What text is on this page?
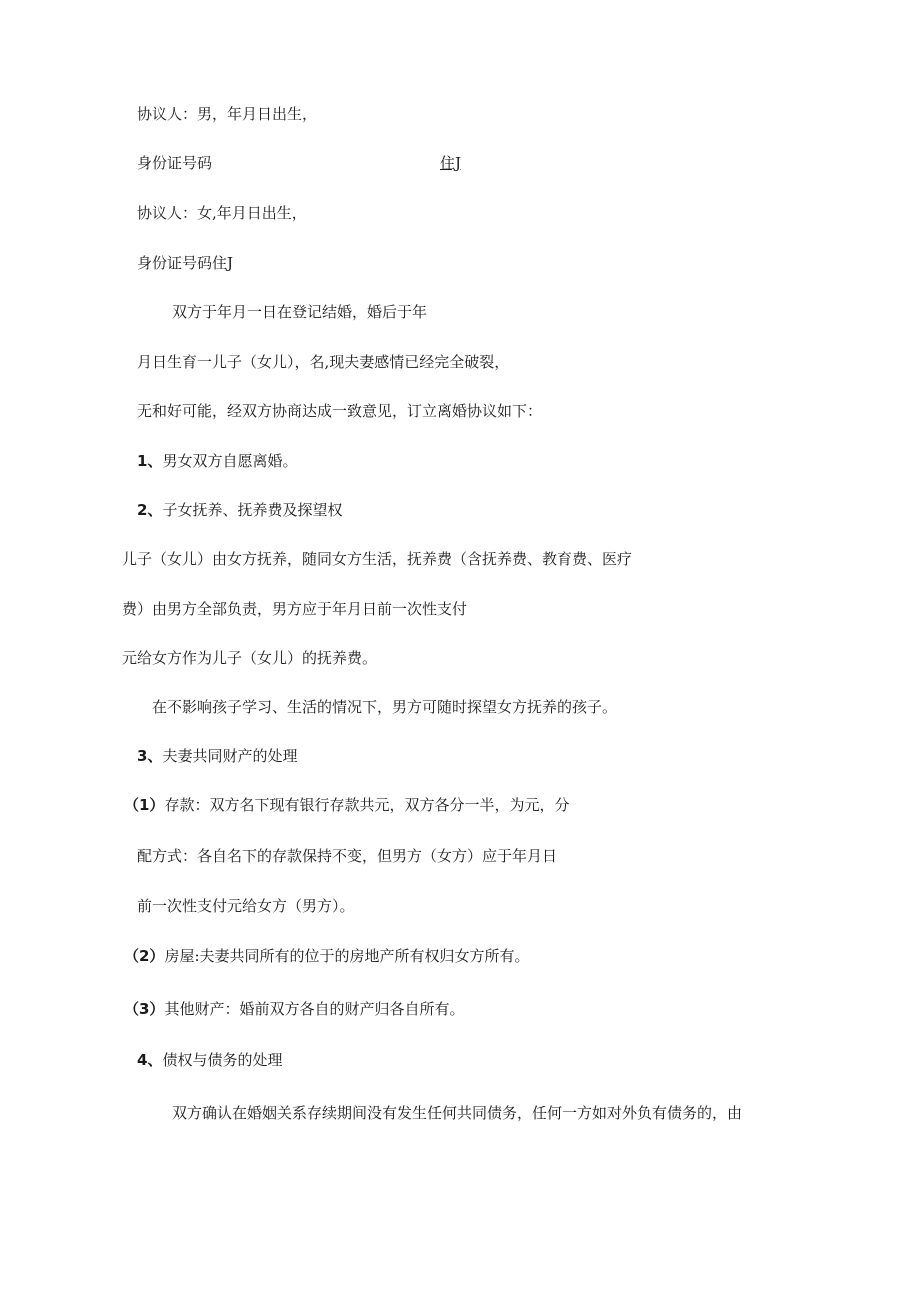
协议人：男，年月日出生，
身份证号码	住J
协议人：女,年月日出生，
身份证号码住J
双方于年月一日在登记结婚，婚后于年
月日生育一儿子（女儿），名,现夫妻感情已经完全破裂，
无和好可能，经双方协商达成一致意见，订立离婚协议如下：
1、男女双方自愿离婚。
2、子女抚养、抚养费及探望权
儿子（女儿）由女方抚养，随同女方生活，抚养费（含抚养费、教育费、医疗
费）由男方全部负责，男方应于年月日前一次性支付
元给女方作为儿子（女儿）的抚养费。
在不影响孩子学习、生活的情况下，男方可随时探望女方抚养的孩子。
3、夫妻共同财产的处理
（1）存款：双方名下现有银行存款共元，双方各分一半，为元，分
配方式：各自名下的存款保持不变，但男方（女方）应于年月日
前一次性支付元给女方（男方）。
（2）房屋:夫妻共同所有的位于的房地产所有权归女方所有。
（3）其他财产：婚前双方各自的财产归各自所有。
4、债权与债务的处理
双方确认在婚姻关系存续期间没有发生任何共同债务，任何一方如对外负有债务的，由
